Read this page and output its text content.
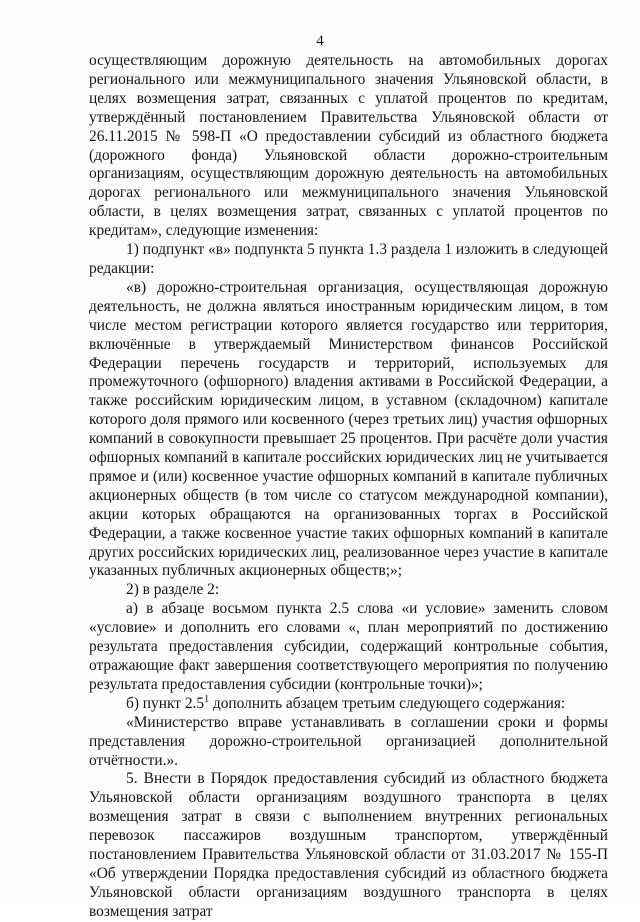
4

осуществляющим дорожную деятельность на автомобильных дорогах регионального или межмуниципального значения Ульяновской области, в целях возмещения затрат, связанных с уплатой процентов по кредитам, утверждённый постановлением Правительства Ульяновской области от 26.11.2015 № 598-П «О предоставлении субсидий из областного бюджета (дорожного фонда) Ульяновской области дорожно-строительным организациям, осуществляющим дорожную деятельность на автомобильных дорогах регионального или межмуниципального значения Ульяновской области, в целях возмещения затрат, связанных с уплатой процентов по кредитам», следующие изменения:

1) подпункт «в» подпункта 5 пункта 1.3 раздела 1 изложить в следующей редакции:

«в) дорожно-строительная организация, осуществляющая дорожную деятельность, не должна являться иностранным юридическим лицом, в том числе местом регистрации которого является государство или территория, включённые в утверждаемый Министерством финансов Российской Федерации перечень государств и территорий, используемых для промежуточного (офшорного) владения активами в Российской Федерации, а также российским юридическим лицом, в уставном (складочном) капитале которого доля прямого или косвенного (через третьих лиц) участия офшорных компаний в совокупности превышает 25 процентов. При расчёте доли участия офшорных компаний в капитале российских юридических лиц не учитывается прямое и (или) косвенное участие офшорных компаний в капитале публичных акционерных обществ (в том числе со статусом международной компании), акции которых обращаются на организованных торгах в Российской Федерации, а также косвенное участие таких офшорных компаний в капитале других российских юридических лиц, реализованное через участие в капитале указанных публичных акционерных обществ;»;

2) в разделе 2:

а) в абзаце восьмом пункта 2.5 слова «и условие» заменить словом «условие» и дополнить его словами «, план мероприятий по достижению результата предоставления субсидии, содержащий контрольные события, отражающие факт завершения соответствующего мероприятия по получению результата предоставления субсидии (контрольные точки)»;

б) пункт $2.5^1$ дополнить абзацем третьим следующего содержания:

«Министерство вправе устанавливать в соглашении сроки и формы представления дорожно-строительной организацией дополнительной отчётности.».

5. Внести в Порядок предоставления субсидий из областного бюджета Ульяновской области организациям воздушного транспорта в целях возмещения затрат в связи с выполнением внутренних региональных перевозок пассажиров воздушным транспортом, утверждённый постановлением Правительства Ульяновской области от 31.03.2017 № 155-П «Об утверждении Порядка предоставления субсидий из областного бюджета Ульяновской области организациям воздушного транспорта в целях возмещения затрат
